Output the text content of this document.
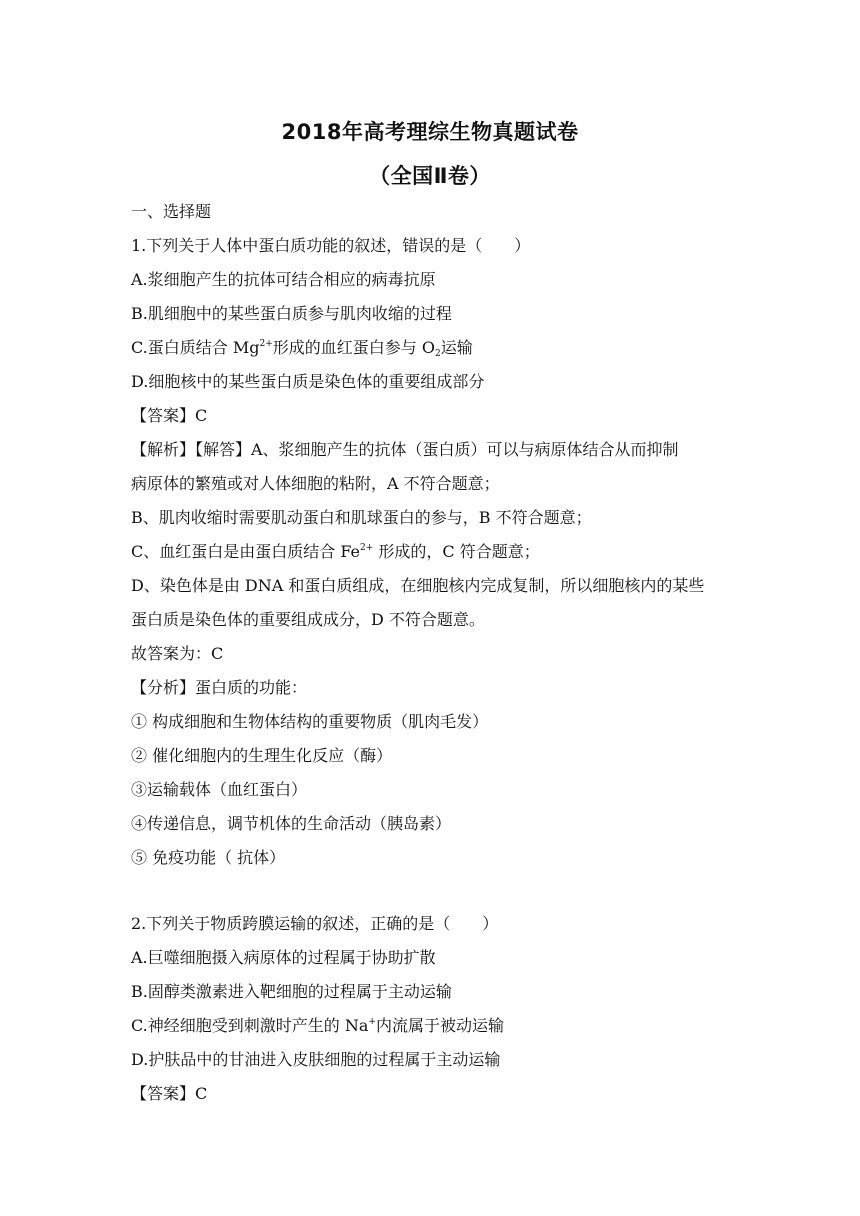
2018年高考理综生物真题试卷
（全国Ⅱ卷）
一、选择题
1.下列关于人体中蛋白质功能的叙述，错误的是（　　）
A.浆细胞产生的抗体可结合相应的病毒抗原
B.肌细胞中的某些蛋白质参与肌肉收缩的过程
C.蛋白质结合 $Mg^{2+}$形成的血红蛋白参与 $O_2$运输
D.细胞核中的某些蛋白质是染色体的重要组成部分
【答案】C
【解析】【解答】A、浆细胞产生的抗体（蛋白质）可以与病原体结合从而抑制
病原体的繁殖或对人体细胞的粘附，A 不符合题意；
B、肌肉收缩时需要肌动蛋白和肌球蛋白的参与，B 不符合题意；
C、血红蛋白是由蛋白质结合 $Fe^{2+}$ 形成的，C 符合题意；
D、染色体是由 DNA 和蛋白质组成，在细胞核内完成复制，所以细胞核内的某些
蛋白质是染色体的重要组成成分，D 不符合题意。
故答案为：C
【分析】蛋白质的功能：
① 构成细胞和生物体结构的重要物质（肌肉毛发）
② 催化细胞内的生理生化反应（酶）
③运输载体（血红蛋白）
④传递信息，调节机体的生命活动（胰岛素）
⑤ 免疫功能（ 抗体）
2.下列关于物质跨膜运输的叙述，正确的是（　　）
A.巨噬细胞摄入病原体的过程属于协助扩散
B.固醇类激素进入靶细胞的过程属于主动运输
C.神经细胞受到刺激时产生的 Na+内流属于被动运输
D.护肤品中的甘油进入皮肤细胞的过程属于主动运输
【答案】C
